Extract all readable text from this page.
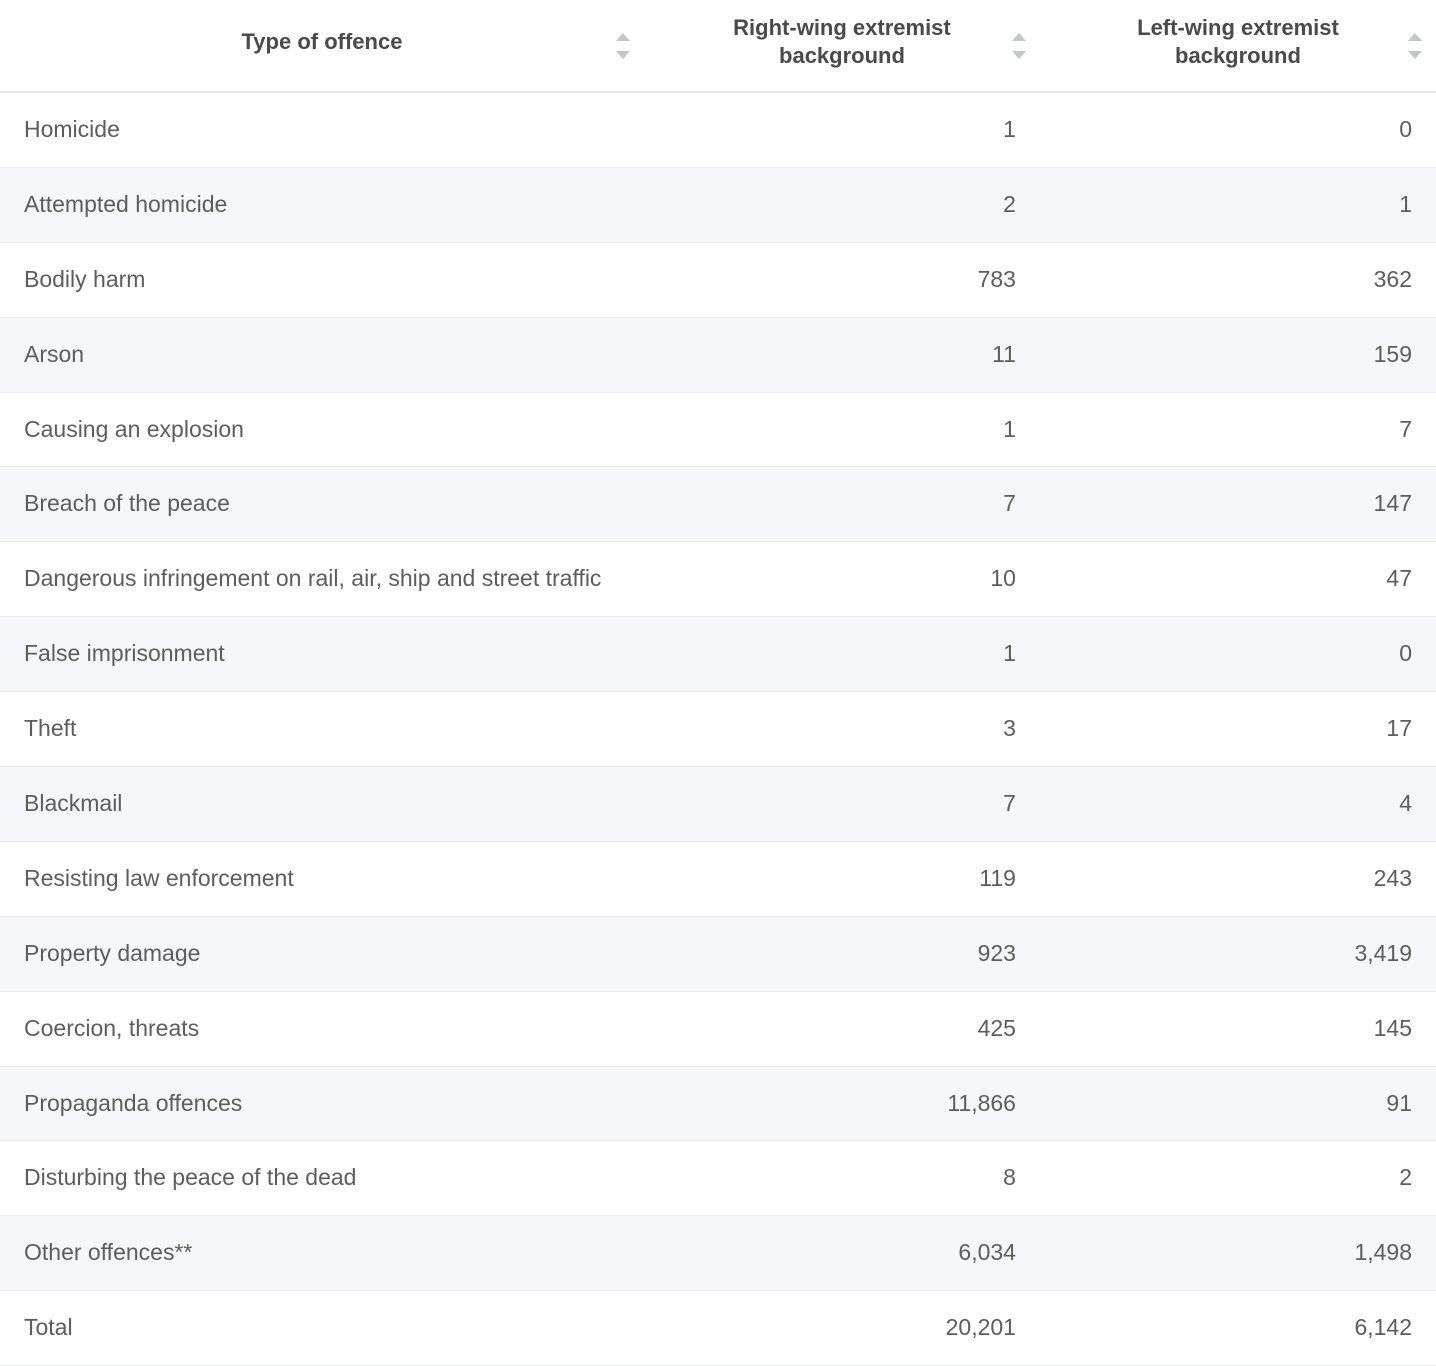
Type of offence	Right-wing extremist background	Left-wing extremist background

Homicide	1	0
Attempted homicide	2	1
Bodily harm	783	362
Arson	11	159
Causing an explosion	1	7
Breach of the peace	7	147
Dangerous infringement on rail, air, ship and street traffic	10	47
False imprisonment	1	0
Theft	3	17
Blackmail	7	4
Resisting law enforcement	119	243
Property damage	923	3,419
Coercion, threats	425	145
Propaganda offences	11,866	91
Disturbing the peace of the dead	8	2
Other offences**	6,034	1,498
Total	20,201	6,142
